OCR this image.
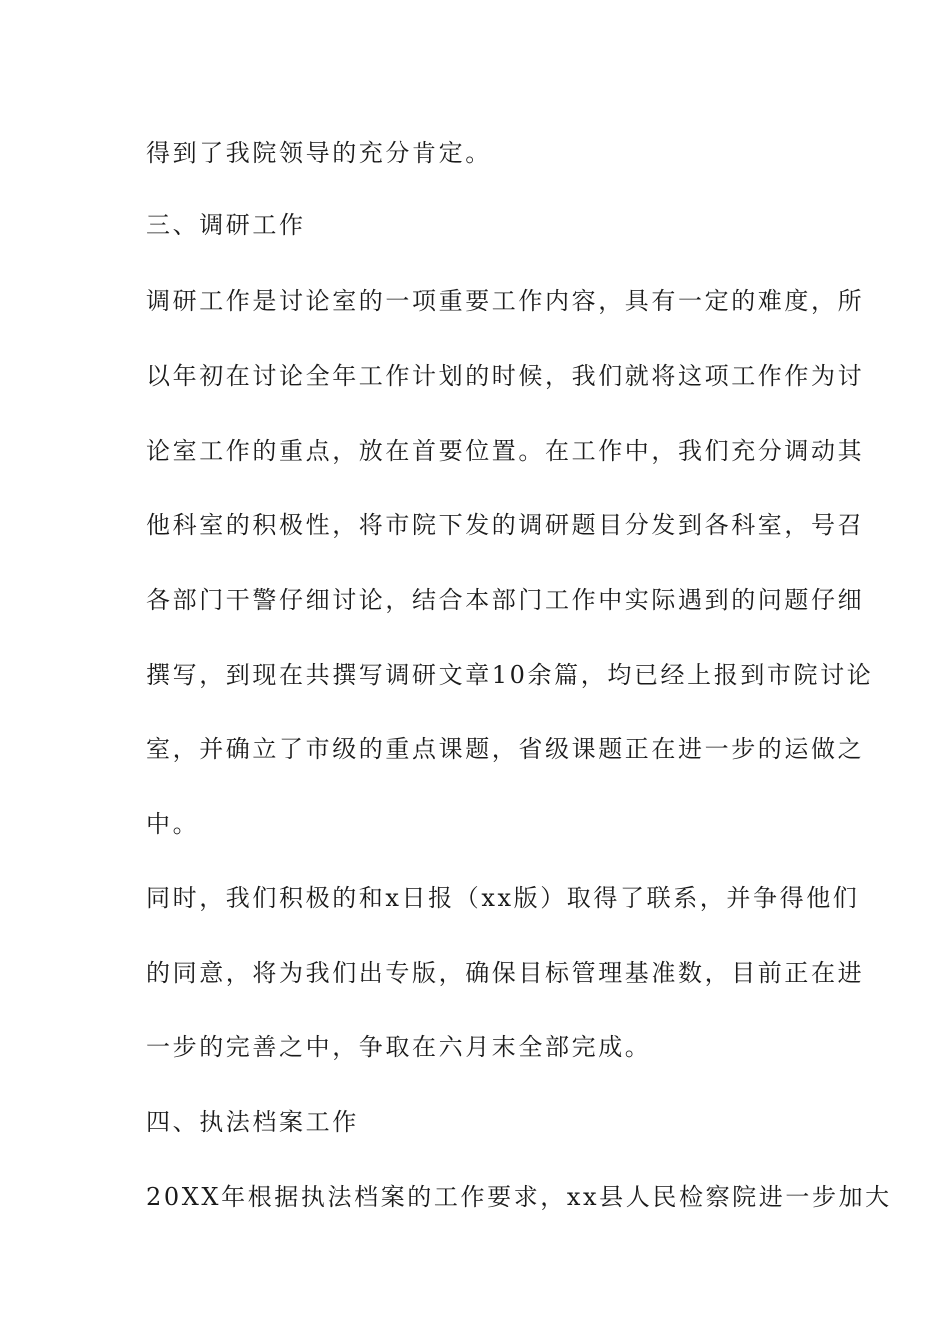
得到了我院领导的充分肯定。
三、调研工作
调研工作是讨论室的一项重要工作内容，具有一定的难度，所
以年初在讨论全年工作计划的时候，我们就将这项工作作为讨
论室工作的重点，放在首要位置。在工作中，我们充分调动其
他科室的积极性，将市院下发的调研题目分发到各科室，号召
各部门干警仔细讨论，结合本部门工作中实际遇到的问题仔细
撰写，到现在共撰写调研文章10余篇，均已经上报到市院讨论
室，并确立了市级的重点课题，省级课题正在进一步的运做之
中。
同时，我们积极的和x日报（xx版）取得了联系，并争得他们
的同意，将为我们出专版，确保目标管理基准数，目前正在进
一步的完善之中，争取在六月末全部完成。
四、执法档案工作
20XX年根据执法档案的工作要求，xx县人民检察院进一步加大
